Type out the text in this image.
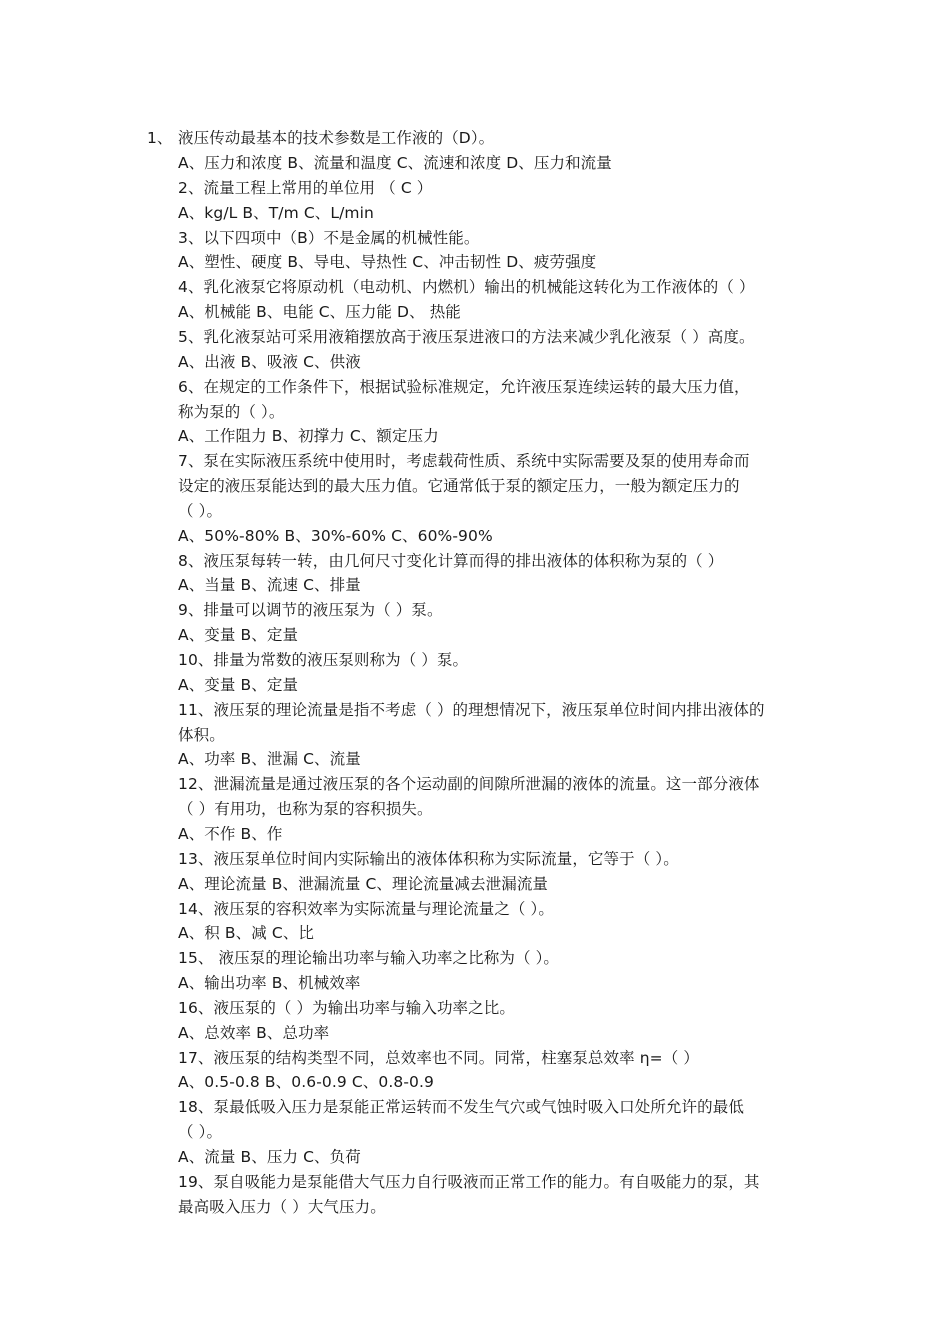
1、 液压传动最基本的技术参数是工作液的（D）。
A、压力和浓度 B、流量和温度 C、流速和浓度 D、压力和流量
2、流量工程上常用的单位用 （ C ）
A、kg/L B、T/m C、L/min
3、以下四项中（B）不是金属的机械性能。
A、塑性、硬度 B、导电、导热性 C、冲击韧性 D、疲劳强度
4、乳化液泵它将原动机（电动机、内燃机）输出的机械能这转化为工作液体的（ ）
A、机械能 B、电能 C、压力能 D、 热能
5、乳化液泵站可采用液箱摆放高于液压泵进液口的方法来减少乳化液泵（ ）高度。
A、出液 B、吸液 C、供液
6、在规定的工作条件下，根据试验标准规定，允许液压泵连续运转的最大压力值，
称为泵的（ ）。
A、工作阻力 B、初撑力 C、额定压力
7、泵在实际液压系统中使用时，考虑载荷性质、系统中实际需要及泵的使用寿命而
设定的液压泵能达到的最大压力值。它通常低于泵的额定压力，一般为额定压力的
（ ）。
A、50%-80% B、30%-60% C、60%-90%
8、液压泵每转一转，由几何尺寸变化计算而得的排出液体的体积称为泵的（ ）
A、当量 B、流速 C、排量
9、排量可以调节的液压泵为（ ）泵。
A、变量 B、定量
10、排量为常数的液压泵则称为（ ）泵。
A、变量 B、定量
11、液压泵的理论流量是指不考虑（ ）的理想情况下，液压泵单位时间内排出液体的
体积。
A、功率 B、泄漏 C、流量
12、泄漏流量是通过液压泵的各个运动副的间隙所泄漏的液体的流量。这一部分液体
（ ）有用功，也称为泵的容积损失。
A、不作 B、作
13、液压泵单位时间内实际输出的液体体积称为实际流量，它等于（ ）。
A、理论流量 B、泄漏流量 C、理论流量减去泄漏流量
14、液压泵的容积效率为实际流量与理论流量之（ ）。
A、积 B、减 C、比
15、 液压泵的理论输出功率与输入功率之比称为（ ）。
A、输出功率 B、机械效率
16、液压泵的（ ）为输出功率与输入功率之比。
A、总效率 B、总功率
17、液压泵的结构类型不同，总效率也不同。同常，柱塞泵总效率 η=（ ）
A、0.5-0.8 B、0.6-0.9 C、0.8-0.9
18、泵最低吸入压力是泵能正常运转而不发生气穴或气蚀时吸入口处所允许的最低
（ ）。
A、流量 B、压力 C、负荷
19、泵自吸能力是泵能借大气压力自行吸液而正常工作的能力。有自吸能力的泵，其
最高吸入压力（ ）大气压力。
